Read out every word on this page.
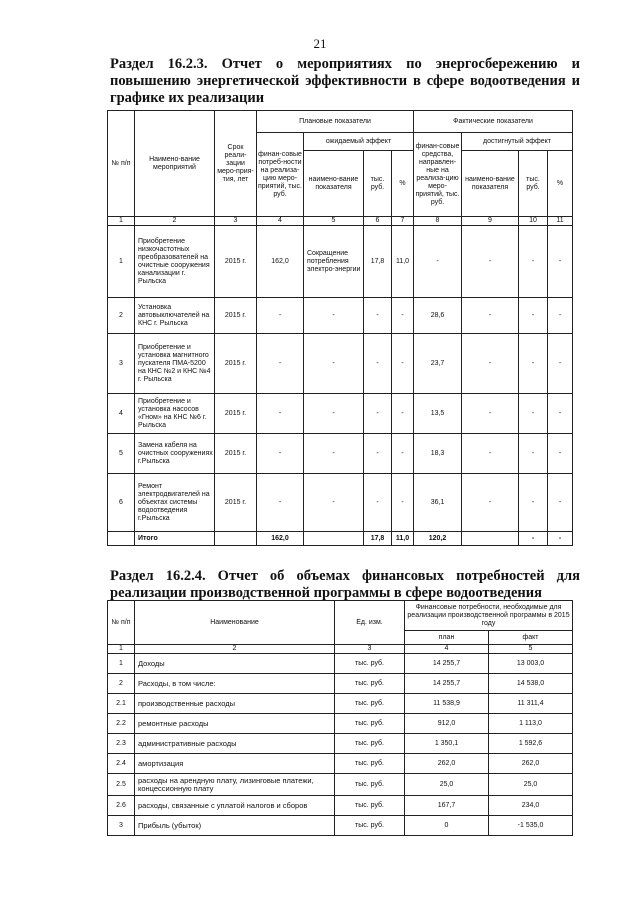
21
Раздел 16.2.3. Отчет о мероприятиях по энергосбережению и повышению энергетической эффективности в сфере водоотведения и графике их реализации
№ п/п	Наимено-вание мероприятий	Срок реали-зации меро-прия-тия, лет	Плановые показатели				Фактические показатели			
			финан-совые потреб-ности на реализа-цию меро-приятий, тыс. руб.	ожидаемый эффект			финан-совые средства, направлен-ные на реализа-цию меро-приятий, тыс. руб.	достигнутый эффект		
				наимено-вание показателя	тыс. руб.	%		наимено-вание показателя	тыс. руб.	%
1	2	3	4	5	6	7	8	9	10	11
1	Приобретение низкочастотных преобразователей на очистные сооружения канализации г. Рыльска	2015 г.	162,0	Сокращение потребления электро-энергии	17,8	11,0	-	-	-	-
2	Установка автовыключателей на КНС г. Рыльска	2015 г.	-	-	-	-	28,6	-	-	-
3	Приобретение и установка магнитного пускателя ПМА-5200 на КНС №2 и КНС №4 г. Рыльска	2015 г.	-	-	-	-	23,7	-	-	-
4	Приобретение и установка насосов «Гном» на КНС №6 г. Рыльска	2015 г.	-	-	-	-	13,5	-	-	-
5	Замена кабеля на очистных сооружениях г.Рыльска	2015 г.	-	-	-	-	18,3	-	-	-
6	Ремонт электродвигателей на объектах системы водоотведения г.Рыльска	2015 г.	-	-	-	-	36,1	-	-	-
	Итого		162,0		17,8	11,0	120,2		-	-
Раздел 16.2.4. Отчет об объемах финансовых потребностей для реализации производственной программы в сфере водоотведения
№ п/п	Наименование	Ед. изм.	Финансовые потребности, необходимые для реализации производственной программы в 2015 году	
			план	факт
1	2	3	4	5
1	Доходы	тыс. руб.	14 255,7	13 003,0
2	Расходы, в том числе:	тыс. руб.	14 255,7	14 538,0
2.1	производственные расходы	тыс. руб.	11 538,9	11 311,4
2.2	ремонтные расходы	тыс. руб.	912,0	1 113,0
2.3	административные расходы	тыс. руб.	1 350,1	1 592,6
2.4	амортизация	тыс. руб.	262,0	262,0
2.5	расходы на арендную плату, лизинговые платежи, концессионную плату	тыс. руб.	25,0	25,0
2.6	расходы, связанные с уплатой налогов и сборов	тыс. руб.	167,7	234,0
3	Прибыль (убыток)	тыс. руб.	0	-1 535,0
